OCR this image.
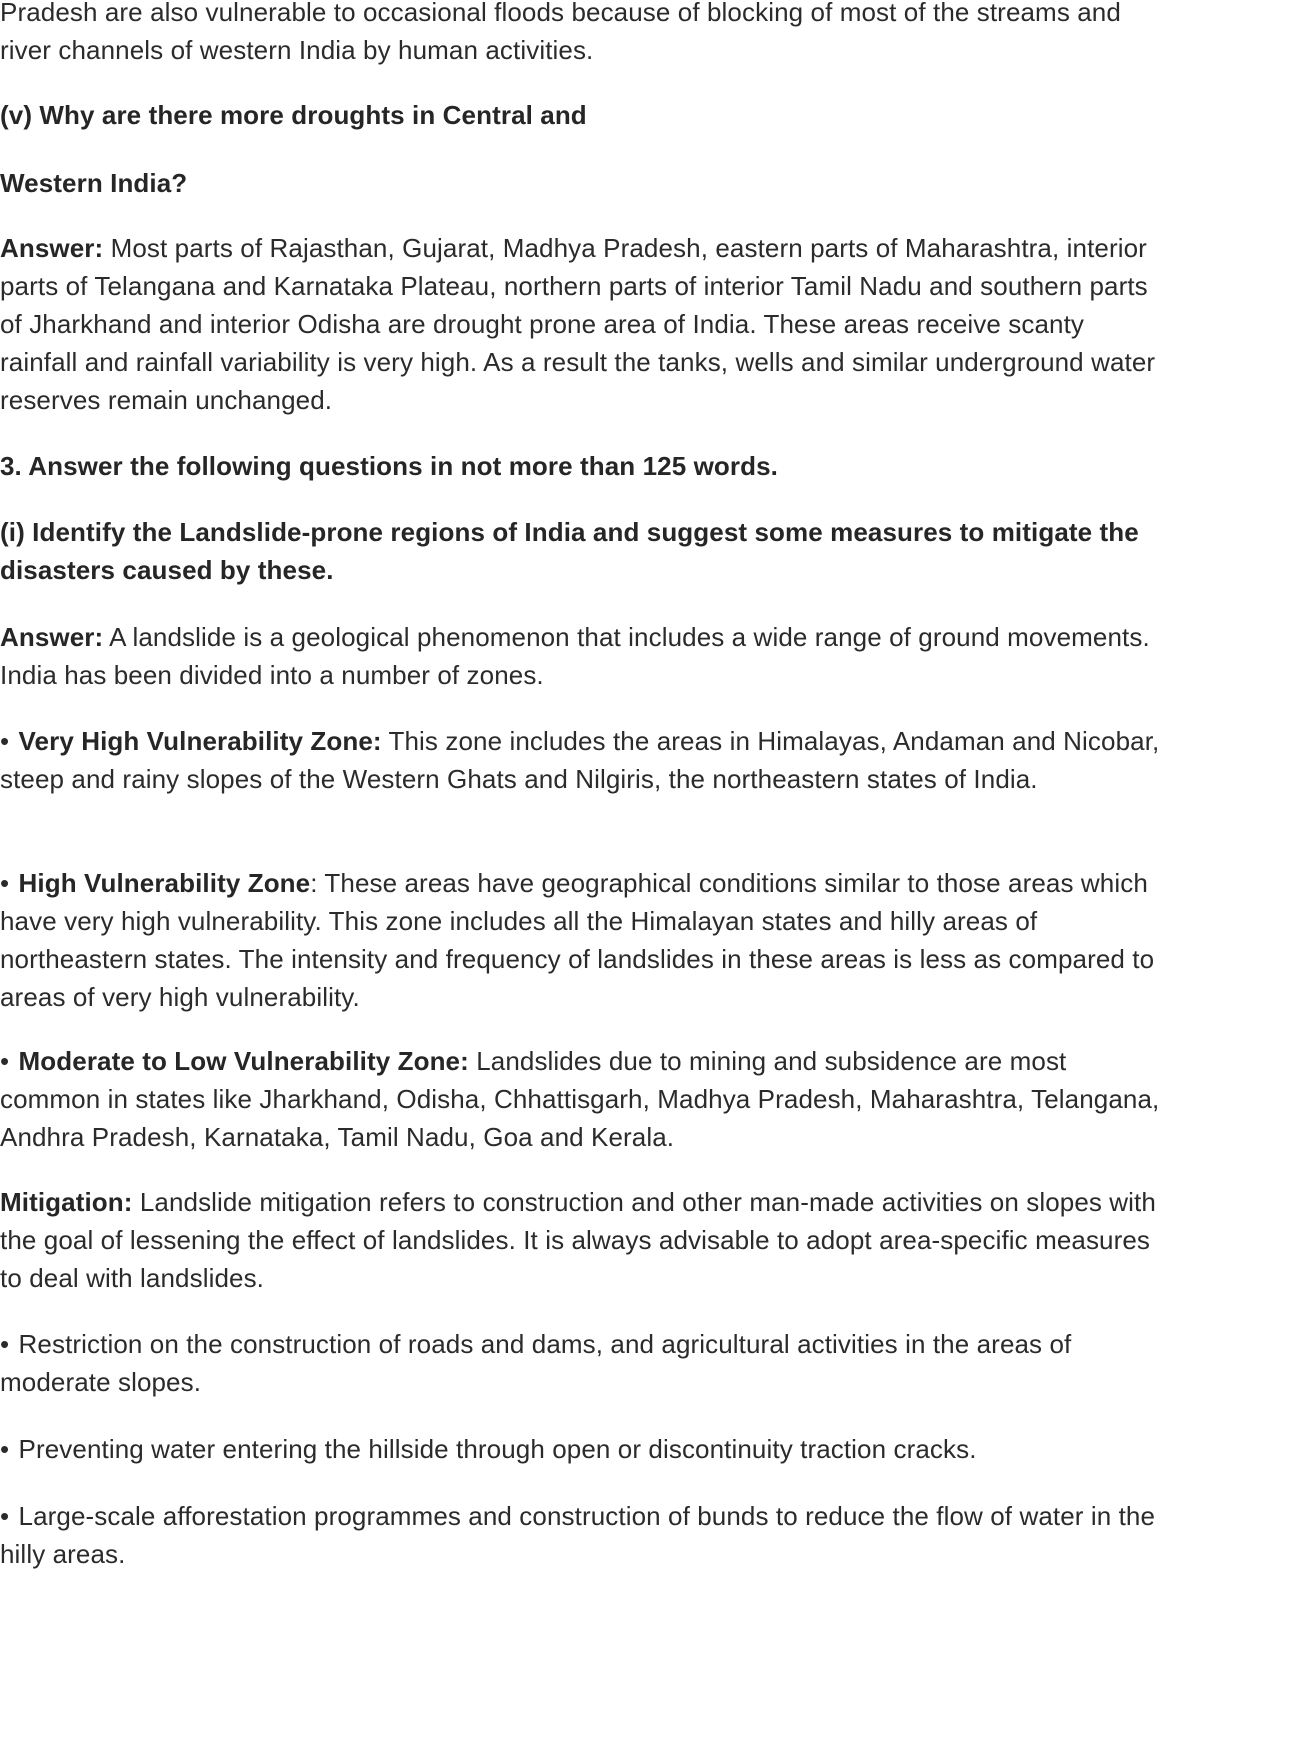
Pradesh are also vulnerable to occasional floods because of blocking of most of the streams and river channels of western India by human activities.

(v) Why are there more droughts in Central and

Western India?

Answer: Most parts of Rajasthan, Gujarat, Madhya Pradesh, eastern parts of Maharashtra, interior parts of Telangana and Karnataka Plateau, northern parts of interior Tamil Nadu and southern parts of Jharkhand and interior Odisha are drought prone area of India. These areas receive scanty rainfall and rainfall variability is very high. As a result the tanks, wells and similar underground water reserves remain unchanged.

3. Answer the following questions in not more than 125 words.

(i) Identify the Landslide-prone regions of India and suggest some measures to mitigate the disasters caused by these.

Answer: A landslide is a geological phenomenon that includes a wide range of ground movements. India has been divided into a number of zones.

• Very High Vulnerability Zone: This zone includes the areas in Himalayas, Andaman and Nicobar, steep and rainy slopes of the Western Ghats and Nilgiris, the northeastern states of India.

• High Vulnerability Zone: These areas have geographical conditions similar to those areas which have very high vulnerability. This zone includes all the Himalayan states and hilly areas of northeastern states. The intensity and frequency of landslides in these areas is less as compared to areas of very high vulnerability.

• Moderate to Low Vulnerability Zone: Landslides due to mining and subsidence are most common in states like Jharkhand, Odisha, Chhattisgarh, Madhya Pradesh, Maharashtra, Telangana, Andhra Pradesh, Karnataka, Tamil Nadu, Goa and Kerala.

Mitigation: Landslide mitigation refers to construction and other man-made activities on slopes with the goal of lessening the effect of landslides. It is always advisable to adopt area-specific measures to deal with landslides.

• Restriction on the construction of roads and dams, and agricultural activities in the areas of moderate slopes.

• Preventing water entering the hillside through open or discontinuity traction cracks.

• Large-scale afforestation programmes and construction of bunds to reduce the flow of water in the hilly areas.
